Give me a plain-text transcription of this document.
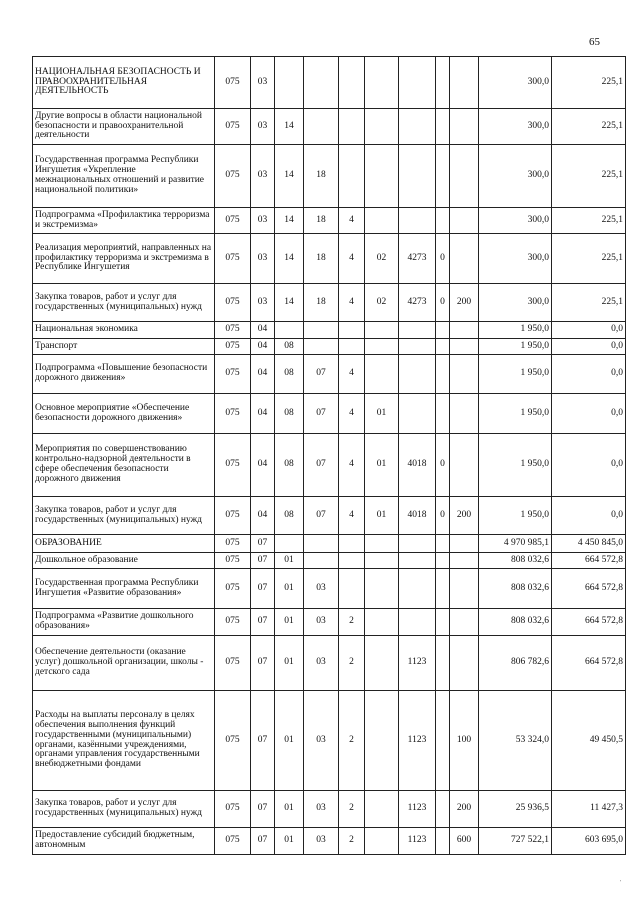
65
НАЦИОНАЛЬНАЯ БЕЗОПАСНОСТЬ И ПРАВООХРАНИТЕЛЬНАЯ ДЕЯТЕЛЬНОСТЬ	075	03								300,0	225,1
Другие вопросы в области национальной безопасности и правоохранительной деятельности	075	03	14							300,0	225,1
Государственная программа Республики Ингушетия «Укрепление межнациональных отношений и развитие национальной политики»	075	03	14	18						300,0	225,1
Подпрограмма «Профилактика терроризма и экстремизма»	075	03	14	18	4					300,0	225,1
Реализация мероприятий, направленных на профилактику терроризма и экстремизма в Республике Ингушетия	075	03	14	18	4	02	4273	0		300,0	225,1
Закупка товаров, работ и услуг для государственных (муниципальных) нужд	075	03	14	18	4	02	4273	0	200	300,0	225,1
Национальная экономика	075	04								1 950,0	0,0
Транспорт	075	04	08							1 950,0	0,0
Подпрограмма «Повышение безопасности дорожного движения»	075	04	08	07	4					1 950,0	0,0
Основное мероприятие «Обеспечение безопасности дорожного движения»	075	04	08	07	4	01				1 950,0	0,0
Мероприятия по совершенствованию контрольно-надзорной деятельности в сфере обеспечения безопасности дорожного движения	075	04	08	07	4	01	4018	0		1 950,0	0,0
Закупка товаров, работ и услуг для государственных (муниципальных) нужд	075	04	08	07	4	01	4018	0	200	1 950,0	0,0
ОБРАЗОВАНИЕ	075	07								4 970 985,1	4 450 845,0
Дошкольное образование	075	07	01							808 032,6	664 572,8
Государственная программа Республики Ингушетия «Развитие образования»	075	07	01	03						808 032,6	664 572,8
Подпрограмма «Развитие дошкольного образования»	075	07	01	03	2					808 032,6	664 572,8
Обеспечение деятельности (оказание услуг) дошкольной организации, школы - детского сада	075	07	01	03	2		1123			806 782,6	664 572,8
Расходы на выплаты персоналу в целях обеспечения выполнения функций государственными (муниципальными) органами, казёнными учреждениями, органами управления государственными внебюджетными фондами	075	07	01	03	2		1123		100	53 324,0	49 450,5
Закупка товаров, работ и услуг для государственных (муниципальных) нужд	075	07	01	03	2		1123		200	25 936,5	11 427,3
Предоставление субсидий бюджетным, автономным	075	07	01	03	2		1123		600	727 522,1	603 695,0
'
